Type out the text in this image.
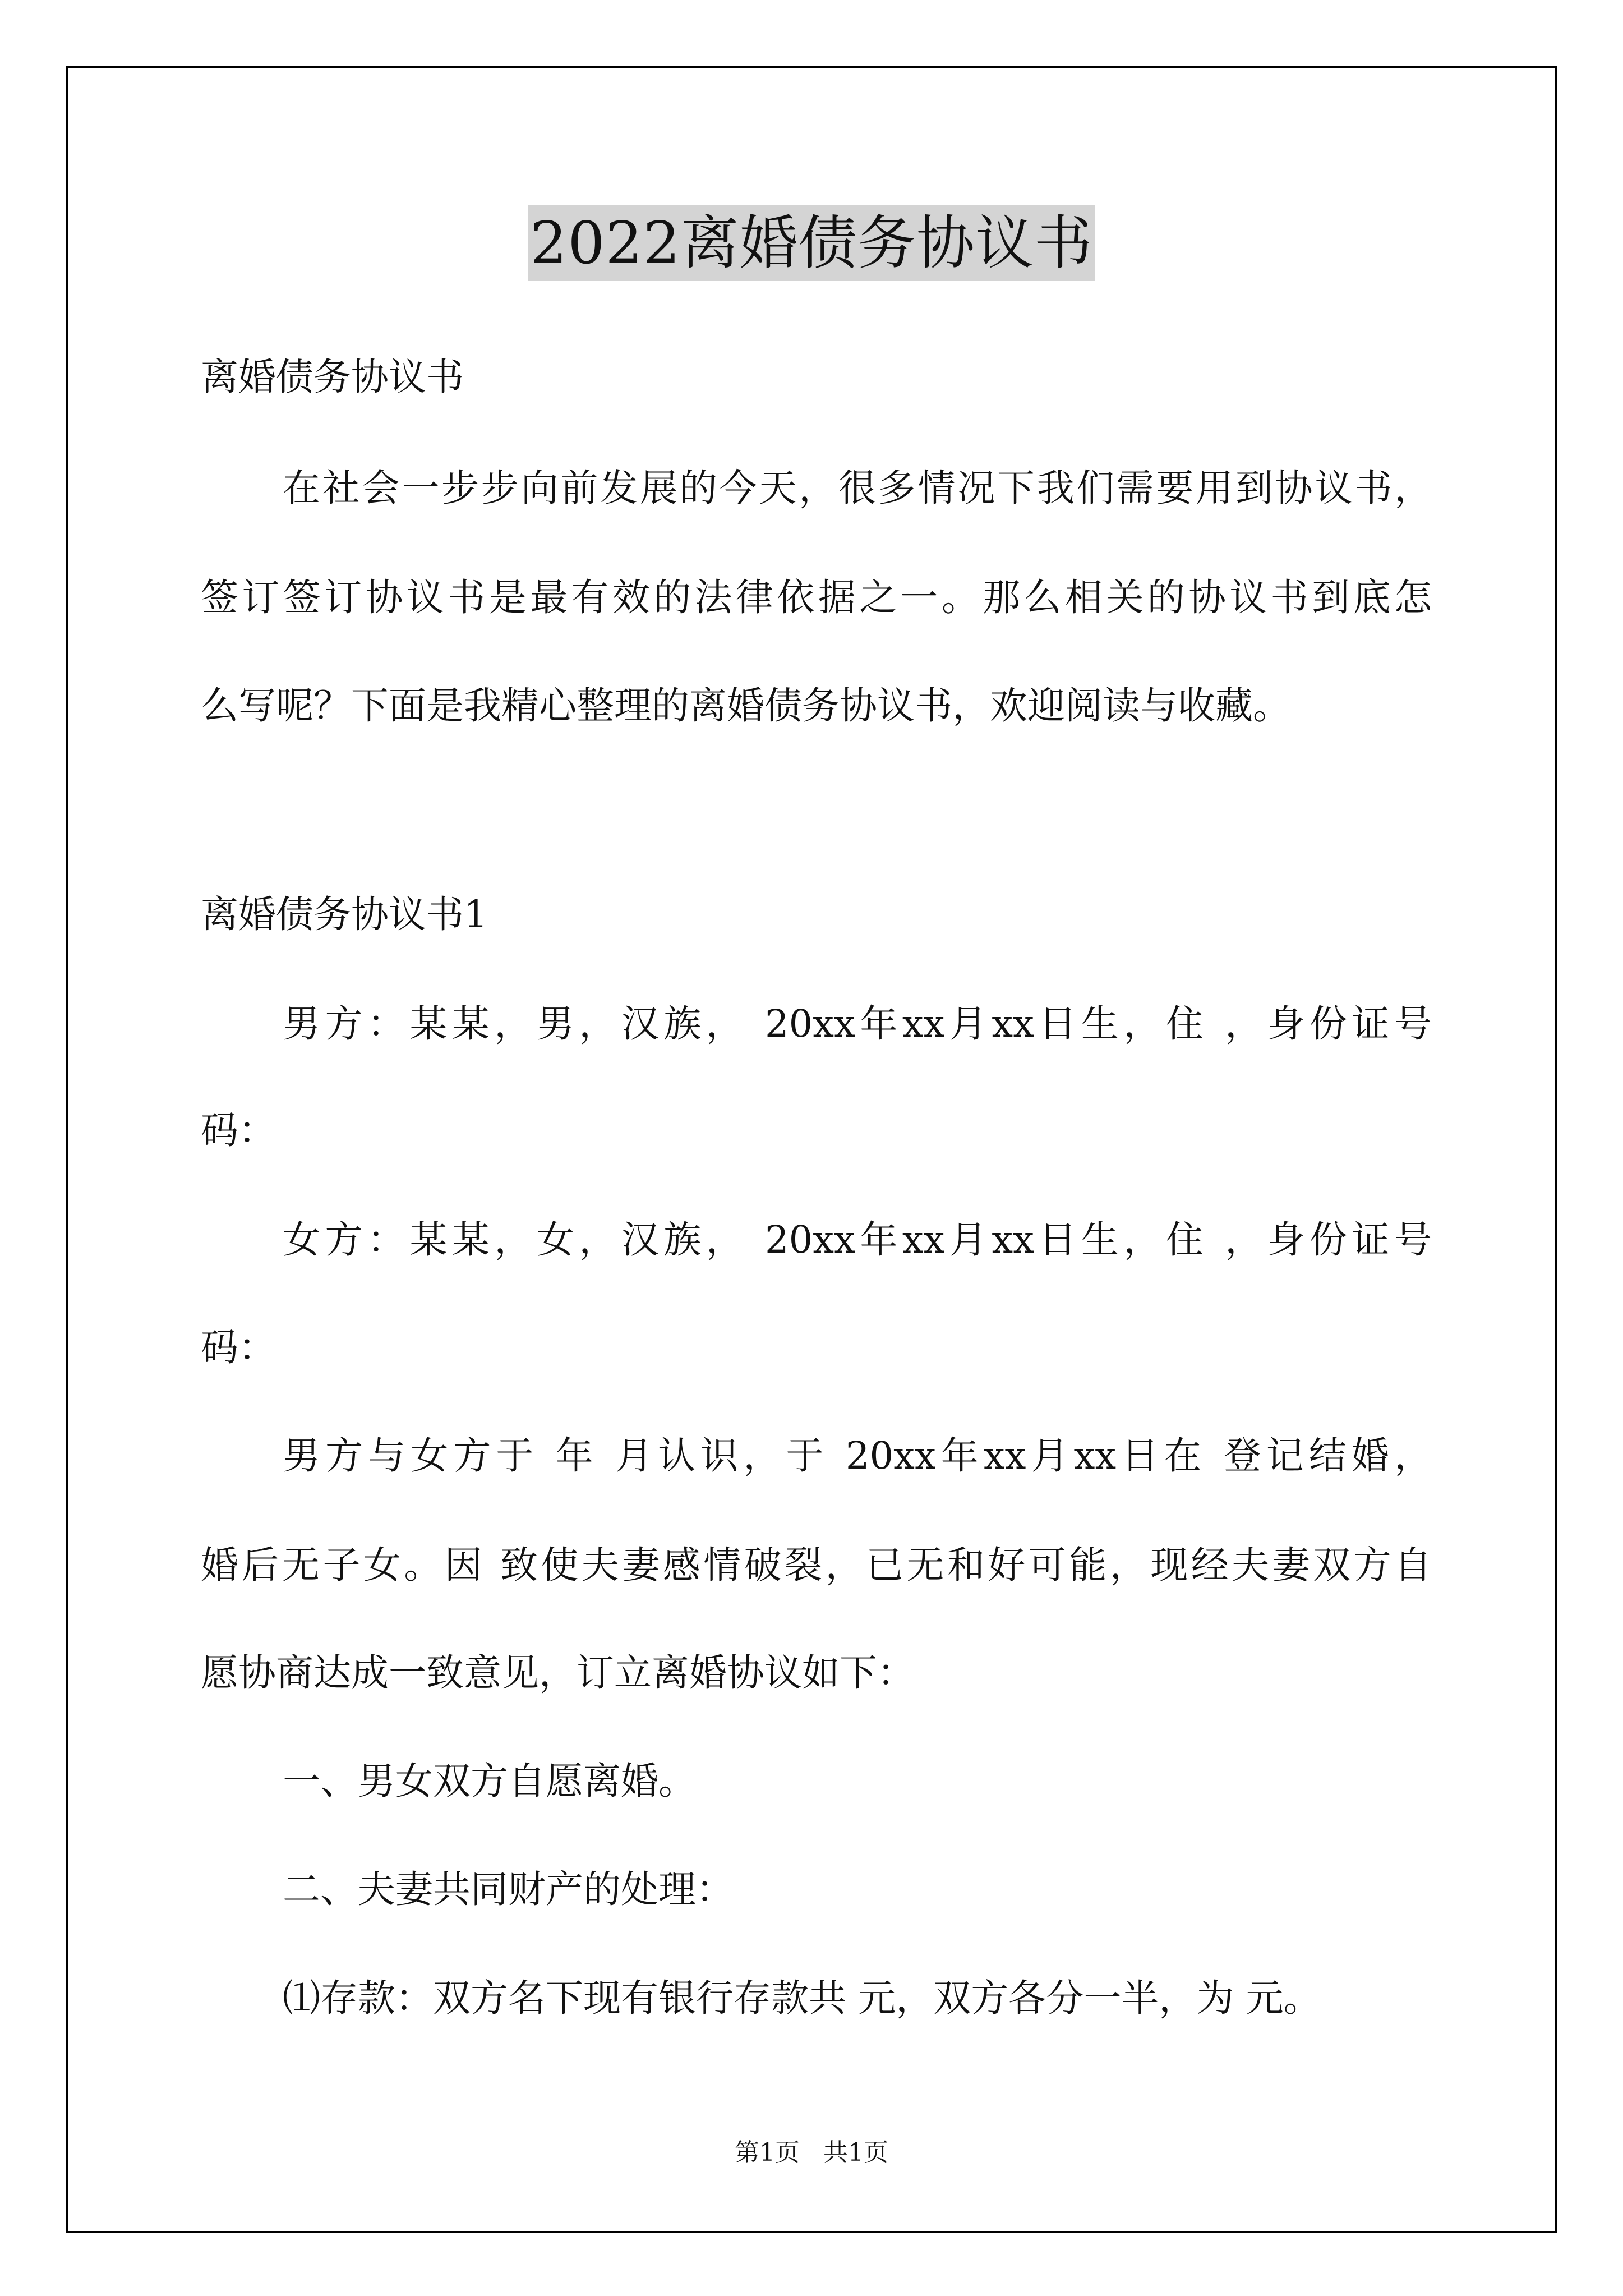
2022离婚债务协议书
离婚债务协议书
在社会一步步向前发展的今天，很多情况下我们需要用到协议书，
签订签订协议书是最有效的法律依据之一。那么相关的协议书到底怎
么写呢？下面是我精心整理的离婚债务协议书，欢迎阅读与收藏。
离婚债务协议书1
男方：某某，男，汉族， 20xx年xx月xx日生，住 ，身份证号
码：
女方：某某，女，汉族， 20xx年xx月xx日生，住 ，身份证号
码：
男方与女方于 年 月认识，于 20xx年xx月xx日在 登记结婚，
婚后无子女。因 致使夫妻感情破裂，已无和好可能，现经夫妻双方自
愿协商达成一致意见，订立离婚协议如下：
一、男女双方自愿离婚。
二、夫妻共同财产的处理：
⑴存款：双方名下现有银行存款共 元，双方各分一半，为 元。
第1页 共1页
